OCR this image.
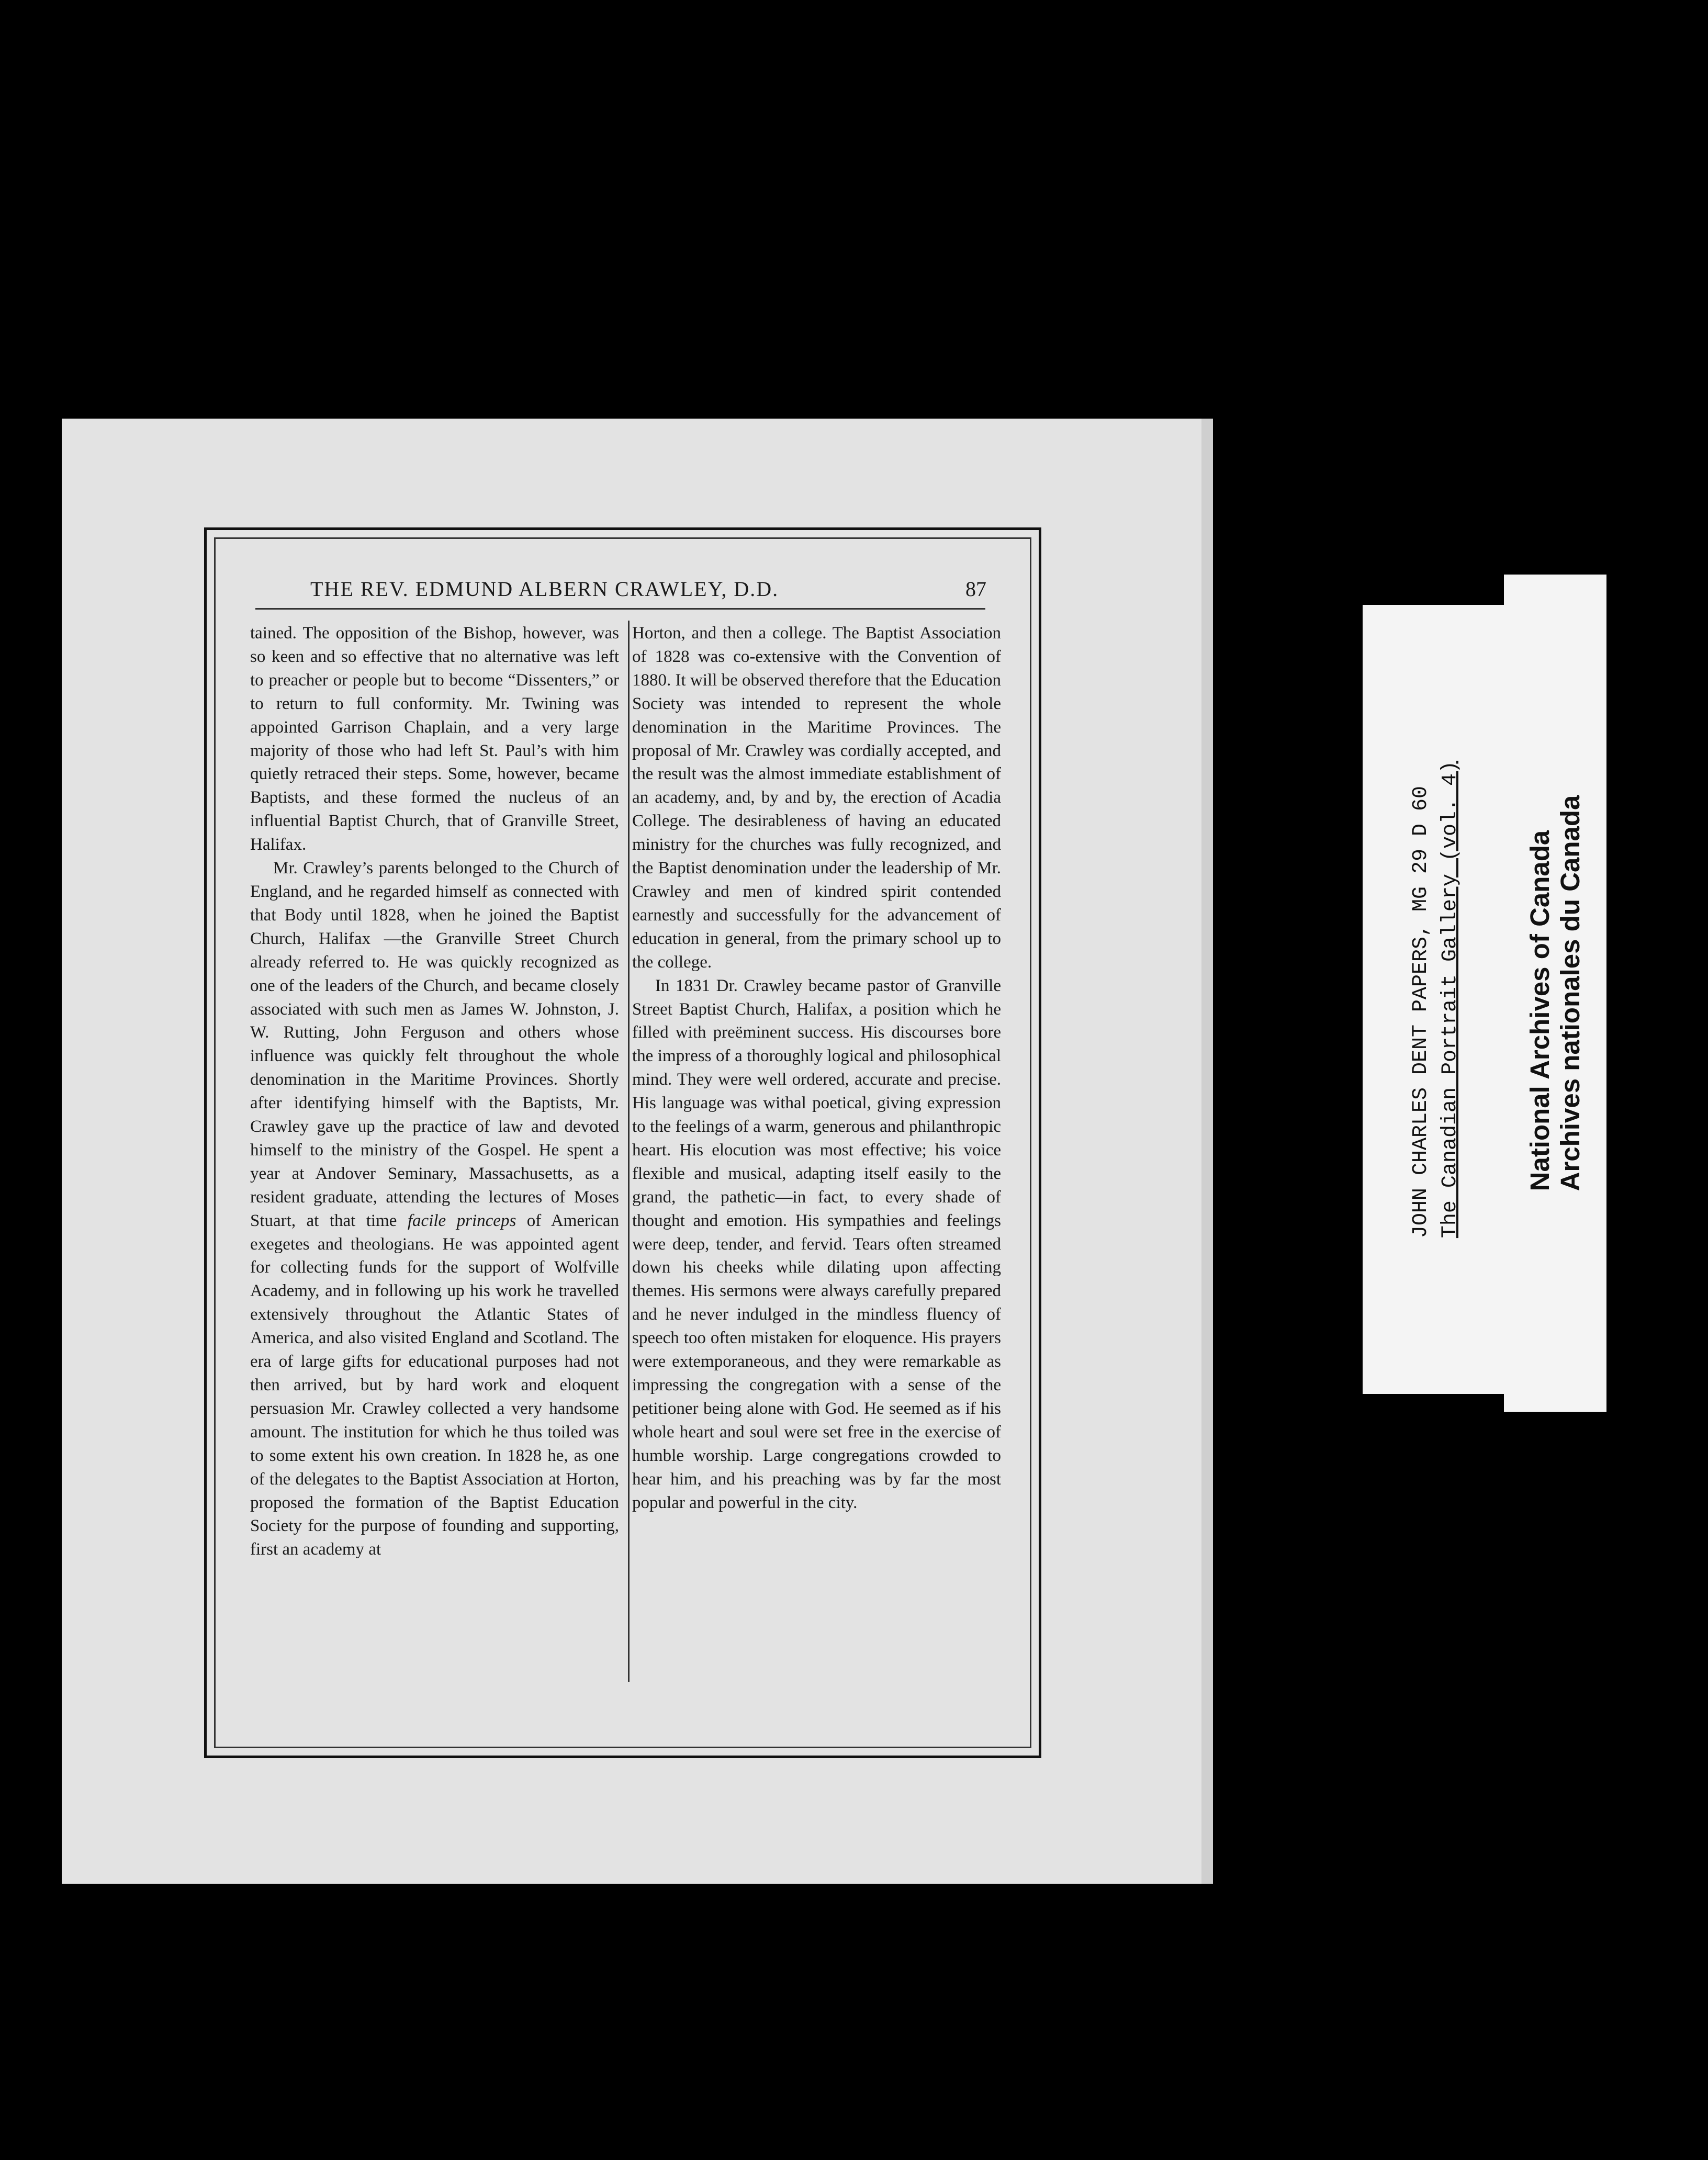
THE REV. EDMUND ALBERN CRAWLEY, D.D.	87

tained. The opposition of the Bishop, however, was so keen and so effective that no alternative was left to preacher or people but to become “Dissenters,” or to return to full conformity. Mr. Twining was appointed Garrison Chaplain, and a very large majority of those who had left St. Paul’s with him quietly retraced their steps. Some, however, became Baptists, and these formed the nucleus of an influential Baptist Church, that of Granville Street, Halifax.

Mr. Crawley’s parents belonged to the Church of England, and he regarded himself as connected with that Body until 1828, when he joined the Baptist Church, Halifax —the Granville Street Church already referred to. He was quickly recognized as one of the leaders of the Church, and became closely associated with such men as James W. Johnston, J. W. Rutting, John Ferguson and others whose influence was quickly felt throughout the whole denomination in the Maritime Provinces. Shortly after identifying himself with the Baptists, Mr. Crawley gave up the practice of law and devoted himself to the ministry of the Gospel. He spent a year at Andover Seminary, Massachusetts, as a resident graduate, attending the lectures of Moses Stuart, at that time facile princeps of American exegetes and theologians. He was appointed agent for collecting funds for the support of Wolfville Academy, and in following up his work he travelled extensively throughout the Atlantic States of America, and also visited England and Scotland. The era of large gifts for educational purposes had not then arrived, but by hard work and eloquent persuasion Mr. Crawley collected a very handsome amount. The institution for which he thus toiled was to some extent his own creation. In 1828 he, as one of the delegates to the Baptist Association at Horton, proposed the formation of the Baptist Education Society for the purpose of founding and supporting, first an academy at

Horton, and then a college. The Baptist Association of 1828 was co-extensive with the Convention of 1880. It will be observed therefore that the Education Society was intended to represent the whole denomination in the Maritime Provinces. The proposal of Mr. Crawley was cordially accepted, and the result was the almost immediate establishment of an academy, and, by and by, the erection of Acadia College. The desirableness of having an educated ministry for the churches was fully recognized, and the Baptist denomination under the leadership of Mr. Crawley and men of kindred spirit contended earnestly and successfully for the advancement of education in general, from the primary school up to the college.

In 1831 Dr. Crawley became pastor of Granville Street Baptist Church, Halifax, a position which he filled with preëminent success. His discourses bore the impress of a thoroughly logical and philosophical mind. They were well ordered, accurate and precise. His language was withal poetical, giving expression to the feelings of a warm, generous and philanthropic heart. His elocution was most effective; his voice flexible and musical, adapting itself easily to the grand, the pathetic—in fact, to every shade of thought and emotion. His sympathies and feelings were deep, tender, and fervid. Tears often streamed down his cheeks while dilating upon affecting themes. His sermons were always carefully prepared and he never indulged in the mindless fluency of speech too often mistaken for eloquence. His prayers were extemporaneous, and they were remarkable as impressing the congregation with a sense of the petitioner being alone with God. He seemed as if his whole heart and soul were set free in the exercise of humble worship. Large congregations crowded to hear him, and his preaching was by far the most popular and powerful in the city.

JOHN CHARLES DENT PAPERS, MG 29 D 60 The Canadian Portrait Gallery (vol. 4) National Archives of Canada Archives nationales du Canada
